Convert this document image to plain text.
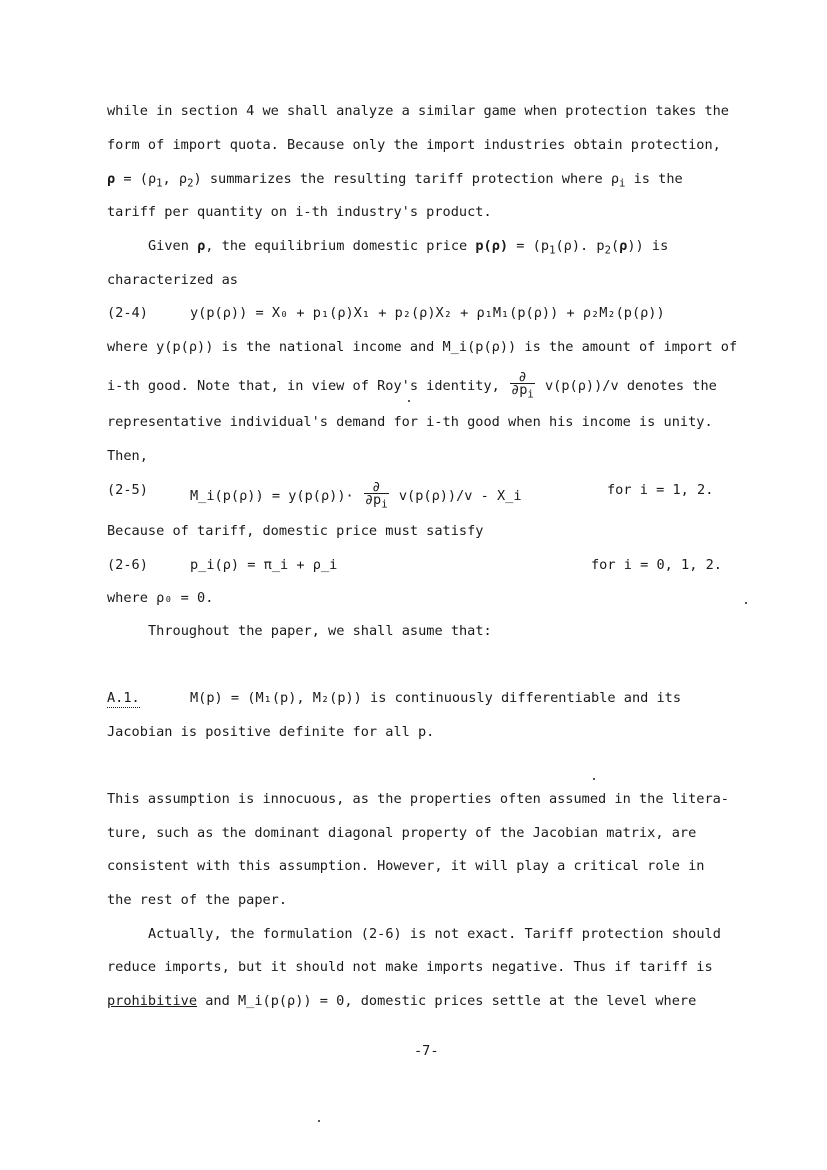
while in section 4 we shall analyze a similar game when protection takes the
form of import quota. Because only the import industries obtain protection,
$\rho = (\rho_1$, $\rho_2$) summarizes the resulting tariff protection where $\rho_i$ is the
tariff per quantity on i-th industry's product.
Given ρ, the equilibrium domestic price $p(\rho) = (p_1(\rho)$. $p_2(\rho)$) is
characterized as
(2-4)	y(p(ρ)) = X₀ + p₁(ρ)X₁ + p₂(ρ)X₂ + ρ₁M₁(p(ρ)) + ρ₂M₂(p(ρ))
where y(p(ρ)) is the national income and M_i(p(ρ)) is the amount of import of
i-th good. Note that, in view of Roy's identity, $\frac{\partial}{\partial p_i} v(p(\rho))/v$ denotes the
representative individual's demand for i-th good when his income is unity.
Then,
(2-5)	M_i(p(ρ)) = $y(p(\rho))\cdot \frac{\partial}{\partial p_i} v(p(\rho))/v$ - X_i	for i = 1, 2.
Because of tariff, domestic price must satisfy
(2-6)	p_i(ρ) = π_i + ρ_i	for i = 0, 1, 2.
where ρ₀ = 0.
Throughout the paper, we shall asume that:
A.1.	M(p) = (M₁(p), M₂(p)) is continuously differentiable and its
Jacobian is positive definite for all p.
This assumption is innocuous, as the properties often assumed in the litera-
ture, such as the dominant diagonal property of the Jacobian matrix, are
consistent with this assumption. However, it will play a critical role in
the rest of the paper.
Actually, the formulation (2-6) is not exact. Tariff protection should
reduce imports, but it should not make imports negative. Thus if tariff is
prohibitive and M_i(p(ρ)) = 0, domestic prices settle at the level where
-7-
